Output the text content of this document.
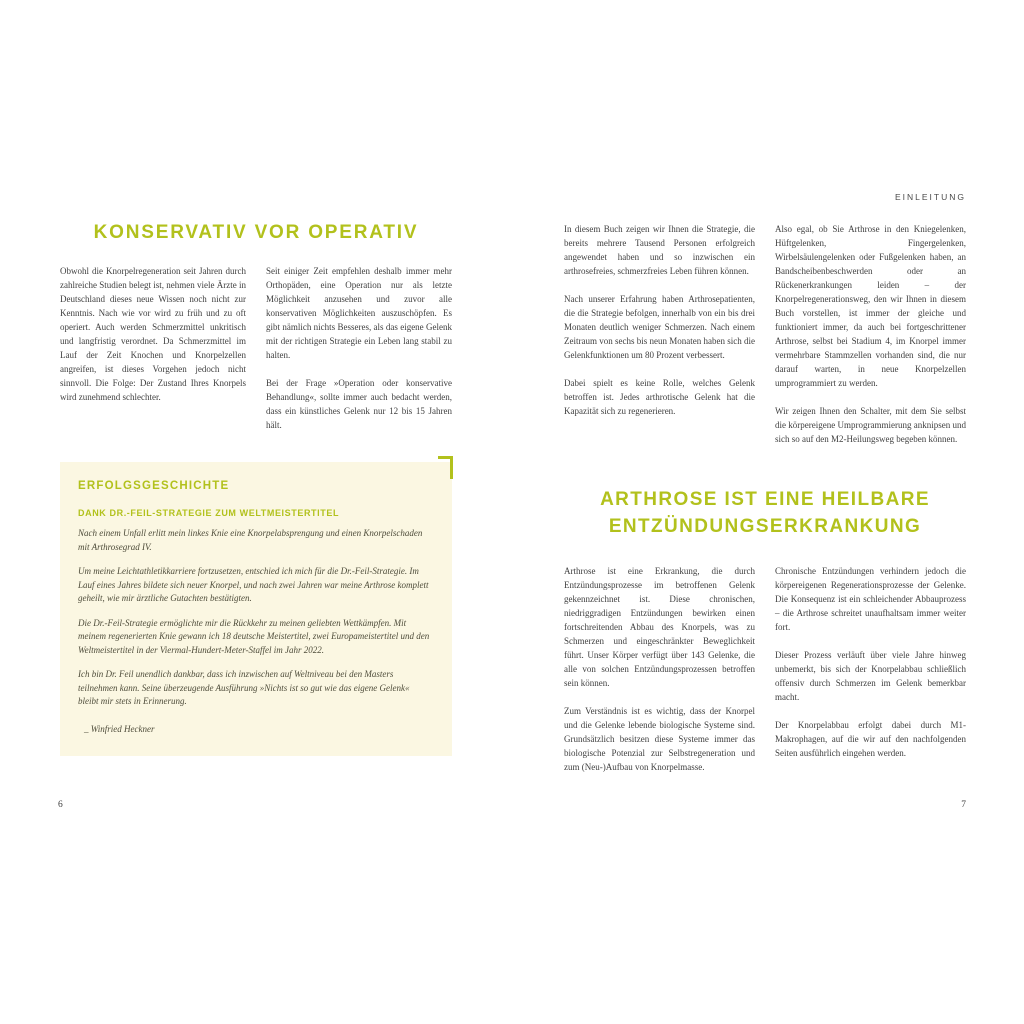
KONSERVATIV VOR OPERATIV

Obwohl die Knorpelregeneration seit Jahren durch zahlreiche Studien belegt ist, nehmen viele Ärzte in Deutschland dieses neue Wissen noch nicht zur Kenntnis. Nach wie vor wird zu früh und zu oft operiert. Auch werden Schmerzmittel unkritisch und langfristig verordnet. Da Schmerzmittel im Lauf der Zeit Knochen und Knorpelzellen angreifen, ist dieses Vorgehen jedoch nicht sinnvoll. Die Folge: Der Zustand Ihres Knorpels wird zunehmend schlechter.

Seit einiger Zeit empfehlen deshalb immer mehr Orthopäden, eine Operation nur als letzte Möglichkeit anzusehen und zuvor alle konservativen Möglichkeiten auszuschöpfen. Es gibt nämlich nichts Besseres, als das eigene Gelenk mit der richtigen Strategie ein Leben lang stabil zu halten.

Bei der Frage »Operation oder konservative Behandlung«, sollte immer auch bedacht werden, dass ein künstliches Gelenk nur 12 bis 15 Jahren hält.

ERFOLGSGESCHICHTE
DANK DR.-FEIL-STRATEGIE ZUM WELTMEISTERTITEL

Nach einem Unfall erlitt mein linkes Knie eine Knorpelabsprengung und einen Knorpelschaden mit Arthrosegrad IV.

Um meine Leichtathletikkarriere fortzusetzen, entschied ich mich für die Dr.-Feil-Strategie. Im Lauf eines Jahres bildete sich neuer Knorpel, und nach zwei Jahren war meine Arthrose komplett geheilt, wie mir ärztliche Gutachten bestätigten.

Die Dr.-Feil-Strategie ermöglichte mir die Rückkehr zu meinen geliebten Wettkämpfen. Mit meinem regenerierten Knie gewann ich 18 deutsche Meistertitel, zwei Europameistertitel und den Weltmeistertitel in der Viermal-Hundert-Meter-Staffel im Jahr 2022.

Ich bin Dr. Feil unendlich dankbar, dass ich inzwischen auf Weltniveau bei den Masters teilnehmen kann. Seine überzeugende Ausführung »Nichts ist so gut wie das eigene Gelenk« bleibt mir stets in Erinnerung.

_ Winfried Heckner

EINLEITUNG

In diesem Buch zeigen wir Ihnen die Strategie, die bereits mehrere Tausend Personen erfolgreich angewendet haben und so inzwischen ein arthrosefreies, schmerzfreies Leben führen können.

Nach unserer Erfahrung haben Arthrosepatienten, die die Strategie befolgen, innerhalb von ein bis drei Monaten deutlich weniger Schmerzen. Nach einem Zeitraum von sechs bis neun Monaten haben sich die Gelenkfunktionen um 80 Prozent verbessert.

Dabei spielt es keine Rolle, welches Gelenk betroffen ist. Jedes arthrotische Gelenk hat die Kapazität sich zu regenerieren.

Also egal, ob Sie Arthrose in den Kniegelenken, Hüftgelenken, Fingergelenken, Wirbelsäulengelenken oder Fußgelenken haben, an Bandscheibenbeschwerden oder an Rückenerkrankungen leiden – der Knorpelregenerationsweg, den wir Ihnen in diesem Buch vorstellen, ist immer der gleiche und funktioniert immer, da auch bei fortgeschrittener Arthrose, selbst bei Stadium 4, im Knorpel immer vermehrbare Stammzellen vorhanden sind, die nur darauf warten, in neue Knorpelzellen umprogrammiert zu werden.

Wir zeigen Ihnen den Schalter, mit dem Sie selbst die körpereigene Umprogrammierung anknipsen und sich so auf den M2-Heilungsweg begeben können.

ARTHROSE IST EINE HEILBARE
ENTZÜNDUNGSERKRANKUNG

Arthrose ist eine Erkrankung, die durch Entzündungsprozesse im betroffenen Gelenk gekennzeichnet ist. Diese chronischen, niedriggradigen Entzündungen bewirken einen fortschreitenden Abbau des Knorpels, was zu Schmerzen und eingeschränkter Beweglichkeit führt. Unser Körper verfügt über 143 Gelenke, die alle von solchen Entzündungsprozessen betroffen sein können.

Zum Verständnis ist es wichtig, dass der Knorpel und die Gelenke lebende biologische Systeme sind. Grundsätzlich besitzen diese Systeme immer das biologische Potenzial zur Selbstregeneration und zum (Neu-)Aufbau von Knorpelmasse.

Chronische Entzündungen verhindern jedoch die körpereigenen Regenerationsprozesse der Gelenke. Die Konsequenz ist ein schleichender Abbauprozess – die Arthrose schreitet unaufhaltsam immer weiter fort.

Dieser Prozess verläuft über viele Jahre hinweg unbemerkt, bis sich der Knorpelabbau schließlich offensiv durch Schmerzen im Gelenk bemerkbar macht.

Der Knorpelabbau erfolgt dabei durch M1-Makrophagen, auf die wir auf den nachfolgenden Seiten ausführlich eingehen werden.

6	7
